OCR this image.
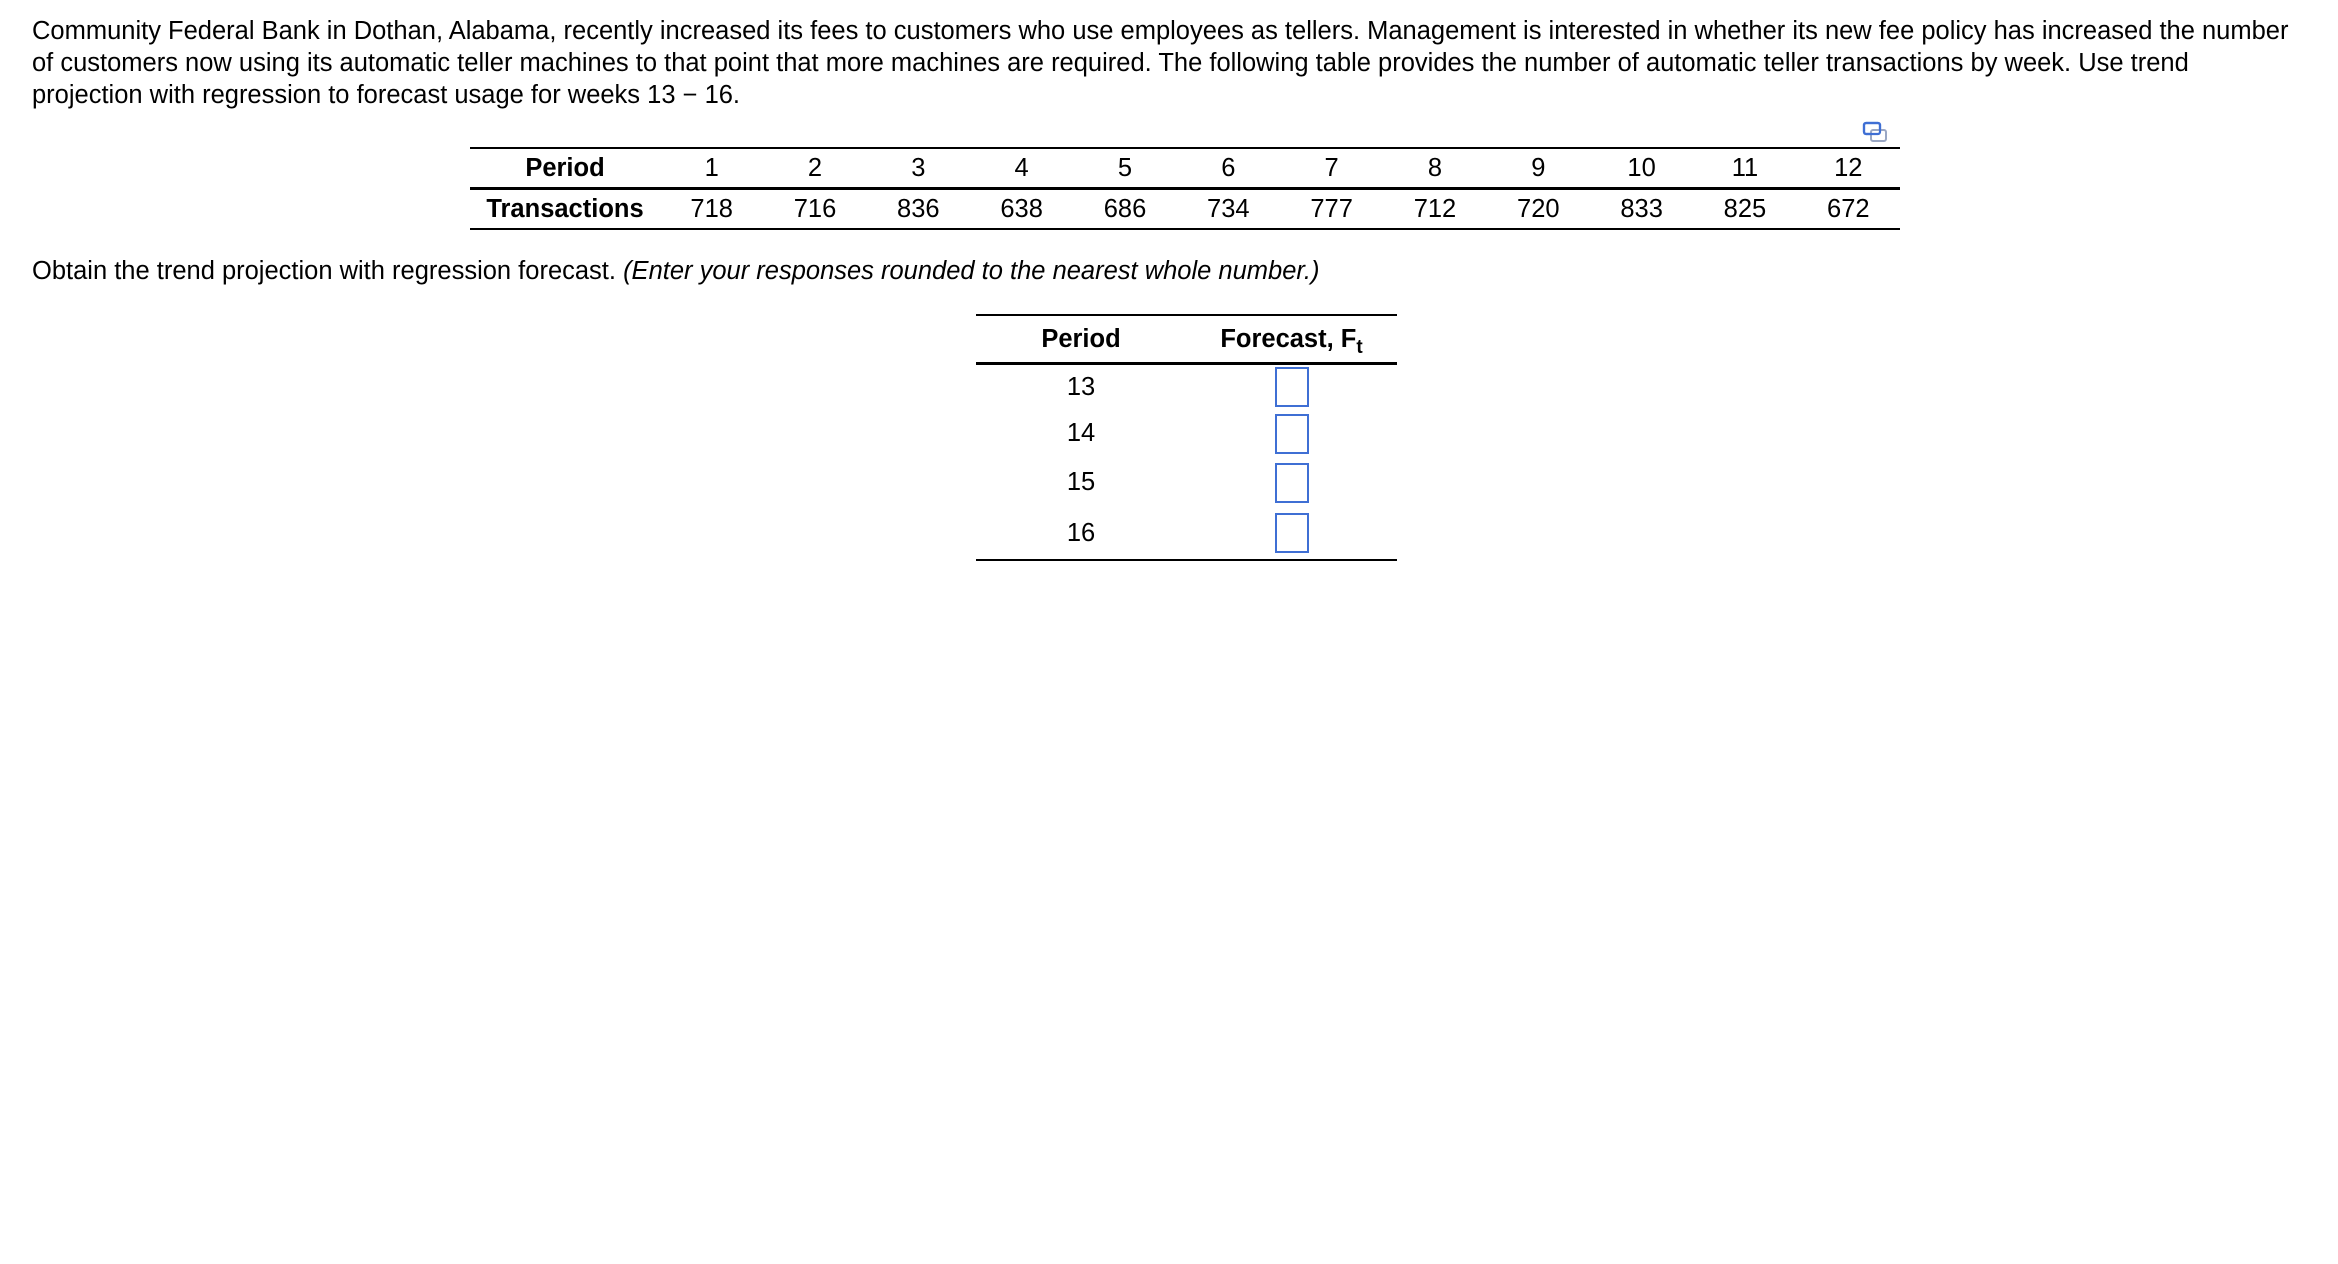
Community Federal Bank in Dothan, Alabama, recently increased its fees to customers who use employees as tellers. Management is interested in whether its new fee policy has increased the number of customers now using its automatic teller machines to that point that more machines are required. The following table provides the number of automatic teller transactions by week. Use trend projection with regression to forecast usage for weeks 13 − 16.
Period	1	2	3	4	5	6	7	8	9	10	11	12
Transactions	718	716	836	638	686	734	777	712	720	833	825	672
Obtain the trend projection with regression forecast. (Enter your responses rounded to the nearest whole number.)
Period	Forecast, $F_t$
13	
14	
15	
16	
